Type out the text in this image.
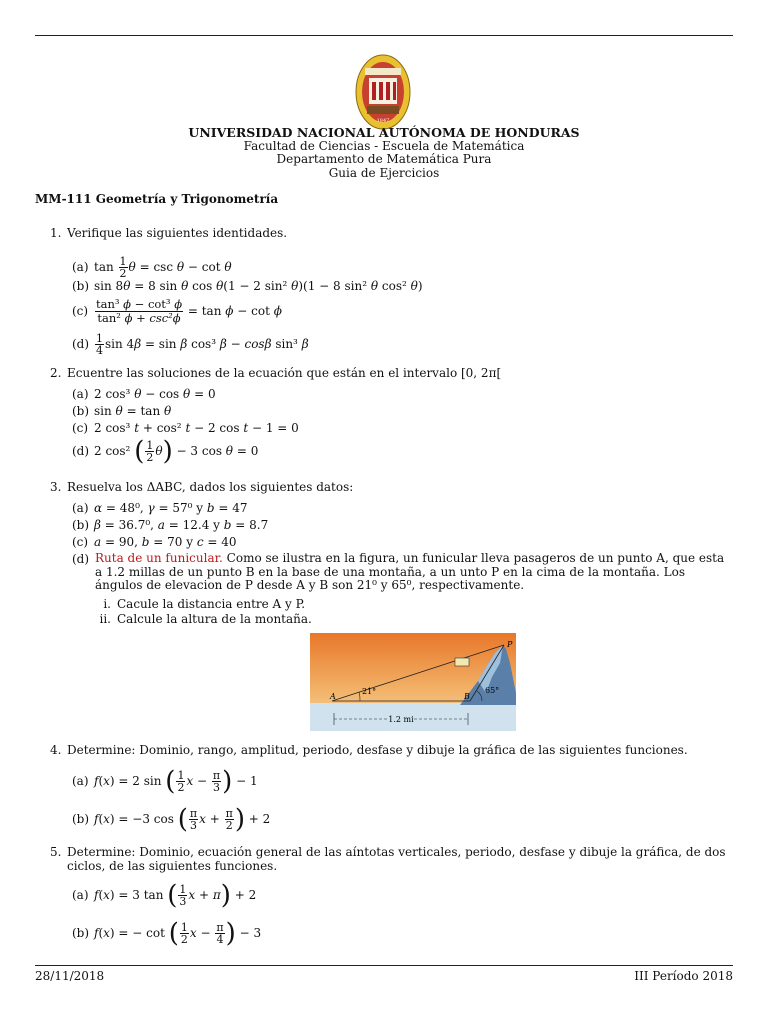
1847
UNIVERSIDAD NACIONAL AUTÓNOMA DE HONDURAS
Facultad de Ciencias - Escuela de Matemática
Departamento de Matemática Pura
Guia de Ejercicios
MM-111 Geometría y Trigonometría
1. Verifique las siguientes identidades.
(a) $\tan \frac{1}{2}$ θ = csc θ − cot θ
(b) sin 8θ = 8 sin θ cos θ(1 − 2 sin² θ)(1 − 8 sin² θ cos² θ)
$(c) \frac{\text{tan³ ϕ − cot³ ϕ}}{\text{tan² ϕ + csc²ϕ}} = \tan \phi - \cot \phi$
$(d) \frac{1}{4}$ sin 4β = sin β cos³ β − cosβ sin³ β
2. Ecuentre las soluciones de la ecuación que están en el intervalo [0, 2π[
(a) 2 cos³ θ − cos θ = 0
(b) sin θ = tan θ
(c) 2 cos³ t + cos² t − 2 cos t − 1 = 0
(d) 2 cos² ( $\frac{1}{2} \theta) - 3$ cos θ = 0
3. Resuelva los ΔABC, dados los siguientes datos:
(a) α = 48⁰, γ = 57⁰ y b = 47
(b) β = 36.7⁰, a = 12.4 y b = 8.7
(c) a = 90, b = 70 y c = 40
(d) Ruta de un funicular. Como se ilustra en la figura, un funicular lleva pasageros de un punto A, que esta a 1.2 millas de un punto B en la base de una montaña, a un unto P en la cima de la montaña. Los ángulos de elevacion de P desde A y B son 21⁰ y 65⁰, respectivamente.
i. Cacule la distancia entre A y P.
ii. Calcule la altura de la montaña.
A	B
P
21°	65°
1.2 mi
4. Determine: Dominio, rango, amplitud, periodo, desfase y dibuje la gráfica de las siguientes funciones.
(a) f(x) = 2 sin ( $\frac{1}{2}$ $x - \frac{\pi}{3}$ ) − 1
(b) f(x) = −3 cos ( $\frac{\pi}{3}$ $x + \frac{\pi}{2}$ ) + 2
5. Determine: Dominio, ecuación general de las aíntotas verticales, periodo, desfase y dibuje la gráfica, de dos ciclos, de las siguientes funciones.
(a) f(x) = 3 tan ( $\frac{1}{3}$ x + π) + 2
(b) f(x) = − cot ( $\frac{1}{2}$ $x - \frac{\pi}{4}$ ) − 3
28/11/2018	III Período 2018
